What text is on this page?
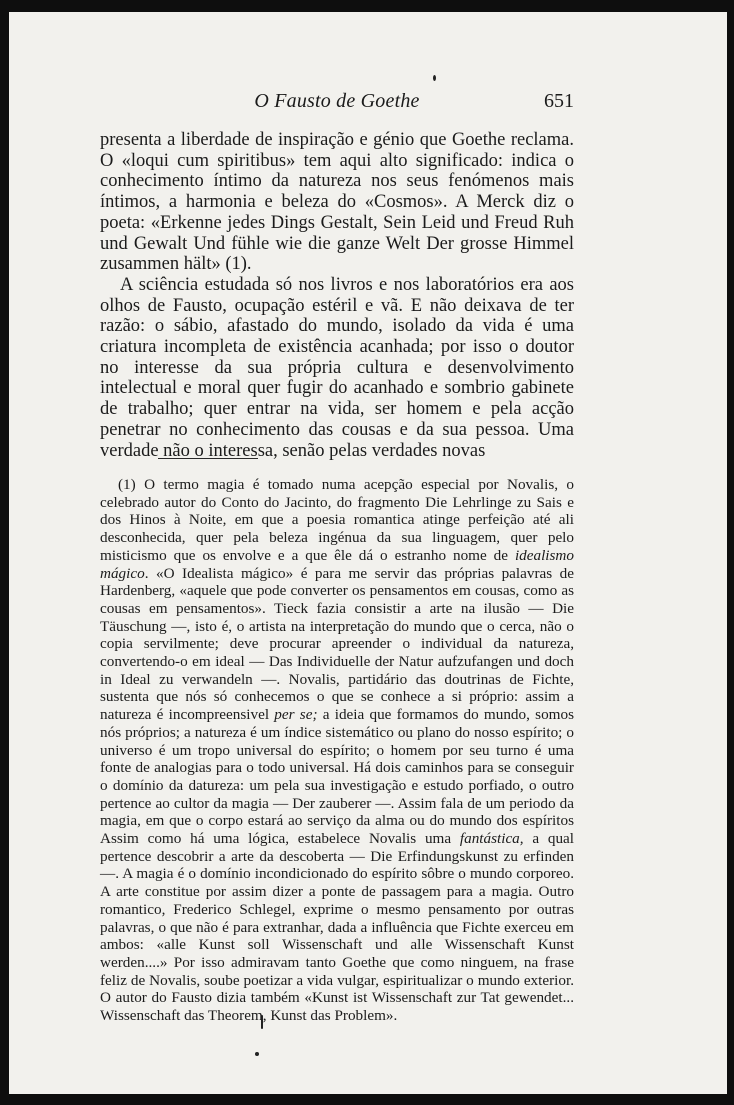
O Fausto de Goethe	651

presenta a liberdade de inspiração e génio que Goethe reclama. O «loqui cum spiritibus» tem aqui alto significado: indica o conhecimento íntimo da natureza nos seus fenómenos mais íntimos, a harmonia e beleza do «Cosmos». A Merck diz o poeta: «Erkenne jedes Dings Gestalt, Sein Leid und Freud Ruh und Gewalt Und fühle wie die ganze Welt Der grosse Himmel zusammen hält» (1).

A sciência estudada só nos livros e nos laboratórios era aos olhos de Fausto, ocupação estéril e vã. E não deixava de ter razão: o sábio, afastado do mundo, isolado da vida é uma criatura incompleta de existência acanhada; por isso o doutor no interesse da sua própria cultura e desenvolvimento intelectual e moral quer fugir do acanhado e sombrio gabinete de trabalho; quer entrar na vida, ser homem e pela acção penetrar no conhecimento das cousas e da sua pessoa. Uma verdade não o interessa, senão pelas verdades novas

(1) O termo magia é tomado numa acepção especial por Novalis, o celebrado autor do Conto do Jacinto, do fragmento Die Lehrlinge zu Sais e dos Hinos à Noite, em que a poesia romantica atinge perfeição até ali desconhecida, quer pela beleza ingénua da sua linguagem, quer pelo misticismo que os envolve e a que êle dá o estranho nome de idealismo mágico. «O Idealista mágico» é para me servir das próprias palavras de Hardenberg, «aquele que pode converter os pensamentos em cousas, como as cousas em pensamentos». Tieck fazia consistir a arte na ilusão — Die Täuschung —, isto é, o artista na interpretação do mundo que o cerca, não o copia servilmente; deve procurar apreender o individual da natureza, convertendo-o em ideal — Das Individuelle der Natur aufzufangen und doch in Ideal zu verwandeln —. Novalis, partidário das doutrinas de Fichte, sustenta que nós só conhecemos o que se conhece a si próprio: assim a natureza é incompreensivel per se; a ideia que formamos do mundo, somos nós próprios; a natureza é um índice sistemático ou plano do nosso espírito; o universo é um tropo universal do espírito; o homem por seu turno é uma fonte de analogias para o todo universal. Há dois caminhos para se conseguir o domínio da datureza: um pela sua investigação e estudo porfiado, o outro pertence ao cultor da magia — Der zauberer —. Assim fala de um periodo da magia, em que o corpo estará ao serviço da alma ou do mundo dos espíritos Assim como há uma lógica, estabelece Novalis uma fantástica, a qual pertence descobrir a arte da descoberta — Die Erfindungskunst zu erfinden —. A magia é o domínio incondicionado do espírito sôbre o mundo corporeo. A arte constitue por assim dizer a ponte de passagem para a magia. Outro romantico, Frederico Schlegel, exprime o mesmo pensamento por outras palavras, o que não é para extranhar, dada a influência que Fichte exerceu em ambos: «alle Kunst soll Wissenschaft und alle Wissenschaft Kunst werden....» Por isso admiravam tanto Goethe que como ninguem, na frase feliz de Novalis, soube poetizar a vida vulgar, espiritualizar o mundo exterior. O autor do Fausto dizia também «Kunst ist Wissenschaft zur Tat gewendet... Wissenschaft das Theorem, Kunst das Problem».
